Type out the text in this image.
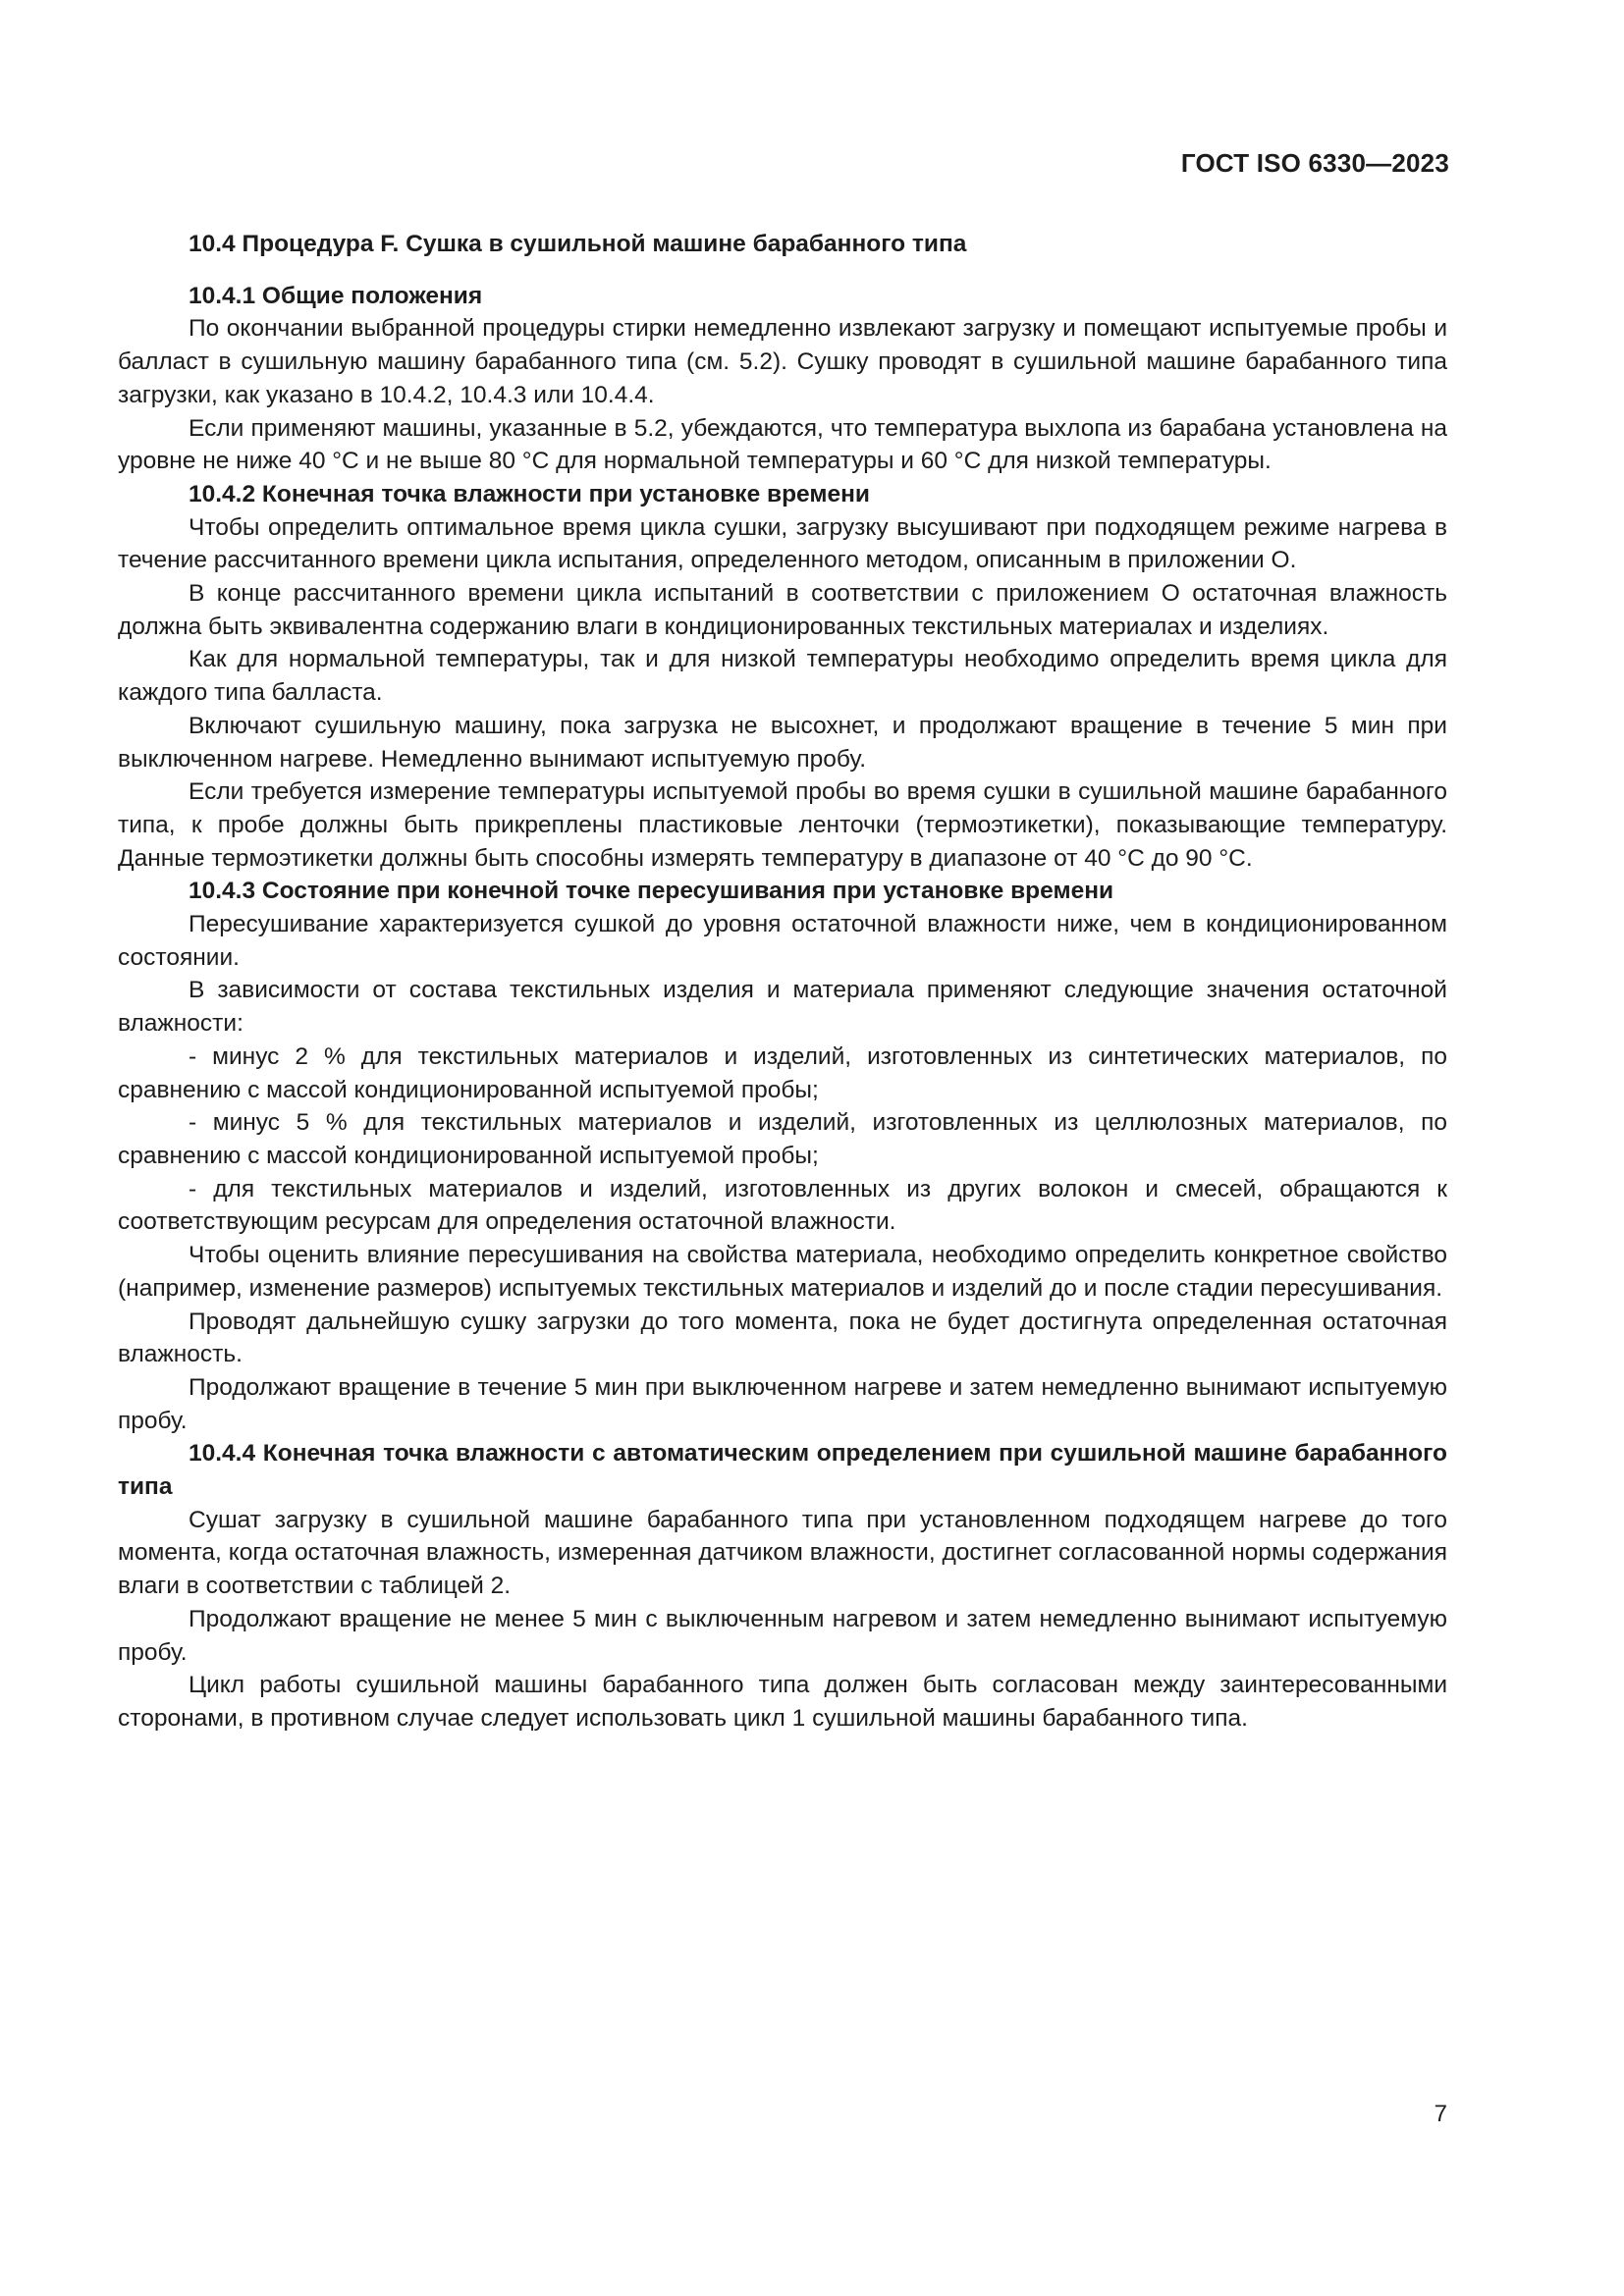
ГОСТ ISO 6330—2023
10.4 Процедура F. Сушка в сушильной машине барабанного типа
10.4.1 Общие положения

По окончании выбранной процедуры стирки немедленно извлекают загрузку и помещают испытуемые пробы и балласт в сушильную машину барабанного типа (см. 5.2). Сушку проводят в сушильной машине барабанного типа загрузки, как указано в 10.4.2, 10.4.3 или 10.4.4.

Если применяют машины, указанные в 5.2, убеждаются, что температура выхлопа из барабана установлена на уровне не ниже 40 °С и не выше 80 °С для нормальной температуры и 60 °С для низкой температуры.

10.4.2 Конечная точка влажности при установке времени

Чтобы определить оптимальное время цикла сушки, загрузку высушивают при подходящем режиме нагрева в течение рассчитанного времени цикла испытания, определенного методом, описанным в приложении О.

В конце рассчитанного времени цикла испытаний в соответствии с приложением О остаточная влажность должна быть эквивалентна содержанию влаги в кондиционированных текстильных материалах и изделиях.

Как для нормальной температуры, так и для низкой температуры необходимо определить время цикла для каждого типа балласта.

Включают сушильную машину, пока загрузка не высохнет, и продолжают вращение в течение 5 мин при выключенном нагреве. Немедленно вынимают испытуемую пробу.

Если требуется измерение температуры испытуемой пробы во время сушки в сушильной машине барабанного типа, к пробе должны быть прикреплены пластиковые ленточки (термоэтикетки), показывающие температуру. Данные термоэтикетки должны быть способны измерять температуру в диапазоне от 40 °С до 90 °С.

10.4.3 Состояние при конечной точке пересушивания при установке времени

Пересушивание характеризуется сушкой до уровня остаточной влажности ниже, чем в кондиционированном состоянии.

В зависимости от состава текстильных изделия и материала применяют следующие значения остаточной влажности:

- минус 2 % для текстильных материалов и изделий, изготовленных из синтетических материалов, по сравнению с массой кондиционированной испытуемой пробы;

- минус 5 % для текстильных материалов и изделий, изготовленных из целлюлозных материалов, по сравнению с массой кондиционированной испытуемой пробы;

- для текстильных материалов и изделий, изготовленных из других волокон и смесей, обращаются к соответствующим ресурсам для определения остаточной влажности.

Чтобы оценить влияние пересушивания на свойства материала, необходимо определить конкретное свойство (например, изменение размеров) испытуемых текстильных материалов и изделий до и после стадии пересушивания.

Проводят дальнейшую сушку загрузки до того момента, пока не будет достигнута определенная остаточная влажность.

Продолжают вращение в течение 5 мин при выключенном нагреве и затем немедленно вынимают испытуемую пробу.

10.4.4 Конечная точка влажности с автоматическим определением при сушильной машине барабанного типа

Сушат загрузку в сушильной машине барабанного типа при установленном подходящем нагреве до того момента, когда остаточная влажность, измеренная датчиком влажности, достигнет согласованной нормы содержания влаги в соответствии с таблицей 2.

Продолжают вращение не менее 5 мин с выключенным нагревом и затем немедленно вынимают испытуемую пробу.

Цикл работы сушильной машины барабанного типа должен быть согласован между заинтересованными сторонами, в противном случае следует использовать цикл 1 сушильной машины барабанного типа.

7
